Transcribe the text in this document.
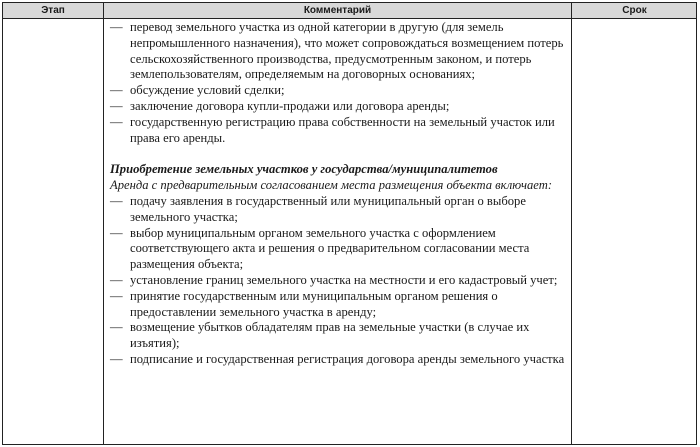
Этап	Комментарий	Срок
— перевод земельного участка из одной категории в другую (для земель непромышленного назначения), что может сопровождаться возмещением потерь сельскохозяйственного производства, предусмотренным законом, и потерь землепользователям, определяемым на договорных основаниях;
— обсуждение условий сделки;
— заключение договора купли-продажи или договора аренды;
— государственную регистрацию права собственности на земельный участок или права его аренды.
Приобретение земельных участков у государства/муниципалитетов
Аренда с предварительным согласованием места размещения объекта включает:
— подачу заявления в государственный или муниципальный орган о выборе земельного участка;
— выбор муниципальным органом земельного участка с оформлением соответствующего акта и решения о предварительном согласовании места размещения объекта;
— установление границ земельного участка на местности и его кадастровый учет;
— принятие государственным или муниципальным органом решения о предоставлении земельного участка в аренду;
— возмещение убытков обладателям прав на земельные участки (в случае их изъятия);
— подписание и государственная регистрация договора аренды земельного участка
